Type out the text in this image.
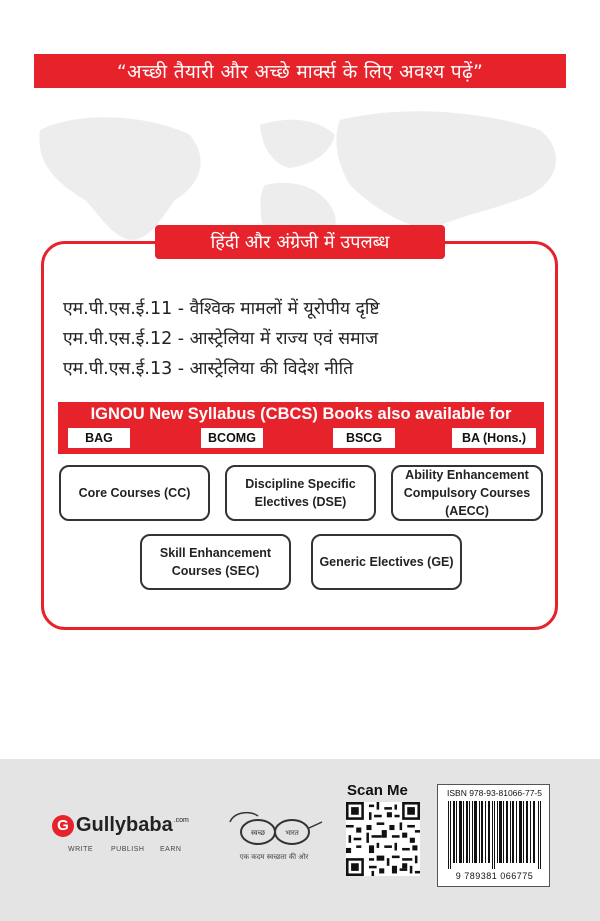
“अच्छी तैयारी और अच्छे मार्क्स के लिए अवश्य पढ़ें”
हिंदी और अंग्रेजी में उपलब्ध
एम.पी.एस.ई.11 - वैश्विक मामलों में यूरोपीय दृष्टि
एम.पी.एस.ई.12 - आस्ट्रेलिया में राज्य एवं समाज
एम.पी.एस.ई.13 - आस्ट्रेलिया की विदेश नीति
IGNOU New Syllabus (CBCS) Books also available for
BAG	BCOMG	BSCG	BA (Hons.)
Core Courses (CC)
Discipline Specific Electives (DSE)
Ability Enhancement Compulsory Courses (AECC)
Skill Enhancement Courses (SEC)
Generic Electives (GE)
G Gullybaba .com
WRITE	PUBLISH EARN
स्वच्छ	भारत
एक कदम स्वच्छता की ओर
Scan Me	ISBN 978-93-81066-77-5
9 789381 066775
